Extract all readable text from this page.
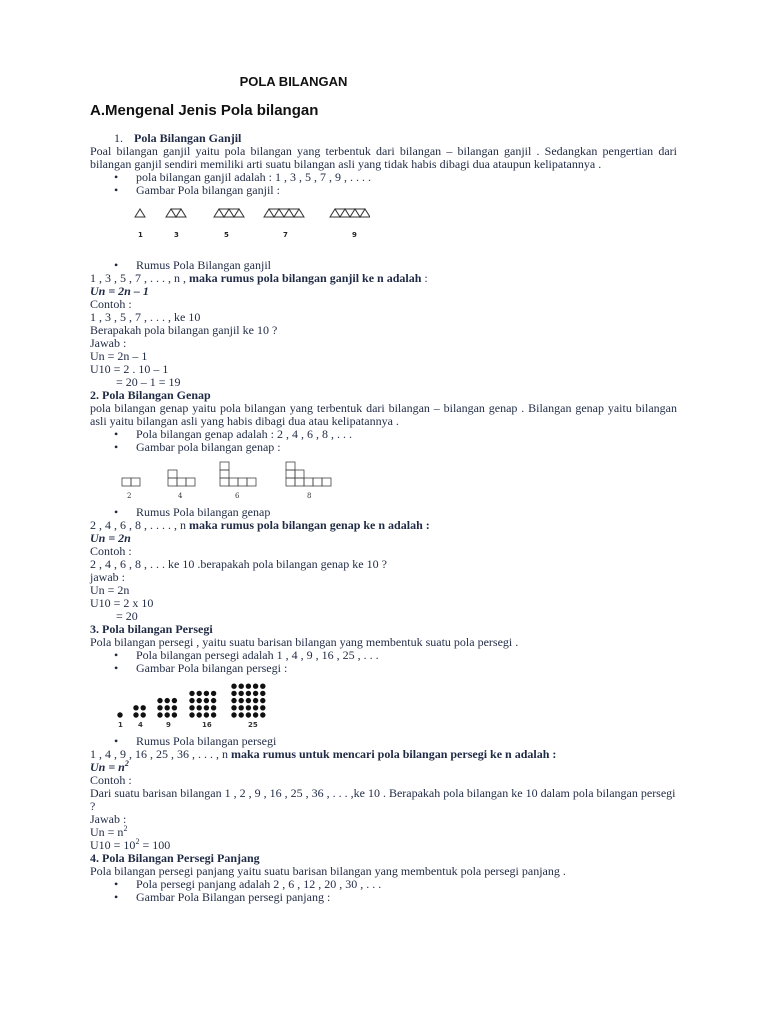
POLA BILANGAN
A.Mengenal Jenis Pola bilangan

1. Pola Bilangan Ganjil

Poal bilangan ganjil yaitu pola bilangan yang terbentuk dari bilangan – bilangan ganjil . Sedangkan pengertian dari bilangan ganjil sendiri memiliki arti suatu bilangan asli yang tidak habis dibagi dua ataupun kelipatannya .

• pola bilangan ganjil adalah : 1 , 3 , 5 , 7 , 9 , . . . .
• Gambar Pola bilangan ganjil :
1	3	5	7	9
• Rumus Pola Bilangan ganjil

1 , 3 , 5 , 7 , . . . , n , maka rumus pola bilangan ganjil ke n adalah :

Un = 2n – 1

Contoh :

1 , 3 , 5 , 7 , . . . , ke 10

Berapakah pola bilangan ganjil ke 10 ?

Jawab :

Un = 2n – 1

U10 = 2 . 10 – 1

= 20 – 1 = 19

2. Pola Bilangan Genap

pola bilangan genap yaitu pola bilangan yang terbentuk dari bilangan – bilangan genap . Bilangan genap yaitu bilangan asli yaitu bilangan asli yang habis dibagi dua atau kelipatannya .

• Pola bilangan genap adalah : 2 , 4 , 6 , 8 , . . .
• Gambar pola bilangan genap :
2	4	6	8
• Rumus Pola bilangan genap

2 , 4 , 6 , 8 , . . . . , n maka rumus pola bilangan genap ke n adalah :

Un = 2n

Contoh :

2 , 4 , 6 , 8 , . . . ke 10 .berapakah pola bilangan genap ke 10 ?

jawab :

Un = 2n

U10 = 2 x 10

= 20

3. Pola bilangan Persegi

Pola bilangan persegi , yaitu suatu barisan bilangan yang membentuk suatu pola persegi .

• Pola bilangan persegi adalah 1 , 4 , 9 , 16 , 25 , . . .
• Gambar Pola bilangan persegi :
1 4	9	16	25
• Rumus Pola bilangan persegi

1 , 4 , 9 , 16 , 25 , 36 , . . . , n maka rumus untuk mencari pola bilangan persegi ke n adalah :

$Un = n^2$

Contoh :

Dari suatu barisan bilangan 1 , 2 , 9 , 16 , 25 , 36 , . . . ,ke 10 . Berapakah pola bilangan ke 10 dalam pola bilangan persegi ?

Jawab :

$Un = n^2$

$U10 = 10^2 = 100$

4. Pola Bilangan Persegi Panjang

Pola bilangan persegi panjang yaitu suatu barisan bilangan yang membentuk pola persegi panjang .

• Pola persegi panjang adalah 2 , 6 , 12 , 20 , 30 , . . .
• Gambar Pola Bilangan persegi panjang :
